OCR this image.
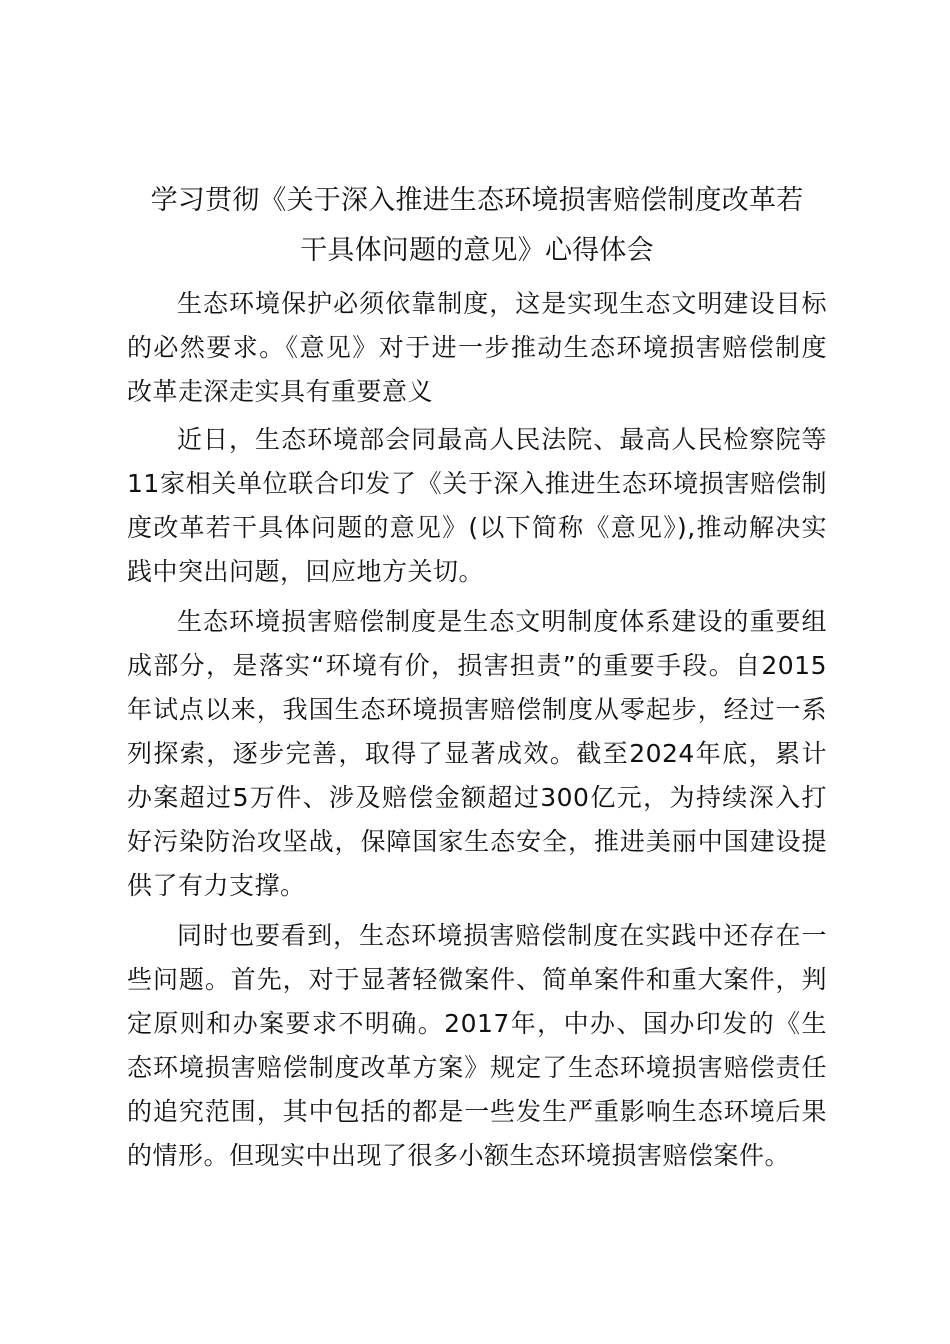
学习贯彻《关于深入推进生态环境损害赔偿制度改革若
干具体问题的意见》心得体会

生态环境保护必须依靠制度，这是实现生态文明建设目标的必然要求。《意见》对于进一步推动生态环境损害赔偿制度改革走深走实具有重要意义

近日，生态环境部会同最高人民法院、最高人民检察院等11家相关单位联合印发了《关于深入推进生态环境损害赔偿制度改革若干具体问题的意见》(以下简称《意见》),推动解决实践中突出问题，回应地方关切。

生态环境损害赔偿制度是生态文明制度体系建设的重要组成部分，是落实“环境有价，损害担责”的重要手段。自2015年试点以来，我国生态环境损害赔偿制度从零起步，经过一系列探索，逐步完善，取得了显著成效。截至2024年底，累计办案超过5万件、涉及赔偿金额超过300亿元，为持续深入打好污染防治攻坚战，保障国家生态安全，推进美丽中国建设提供了有力支撑。

同时也要看到，生态环境损害赔偿制度在实践中还存在一些问题。首先，对于显著轻微案件、简单案件和重大案件，判定原则和办案要求不明确。2017年，中办、国办印发的《生态环境损害赔偿制度改革方案》规定了生态环境损害赔偿责任的追究范围，其中包括的都是一些发生严重影响生态环境后果的情形。但现实中出现了很多小额生态环境损害赔偿案件。
